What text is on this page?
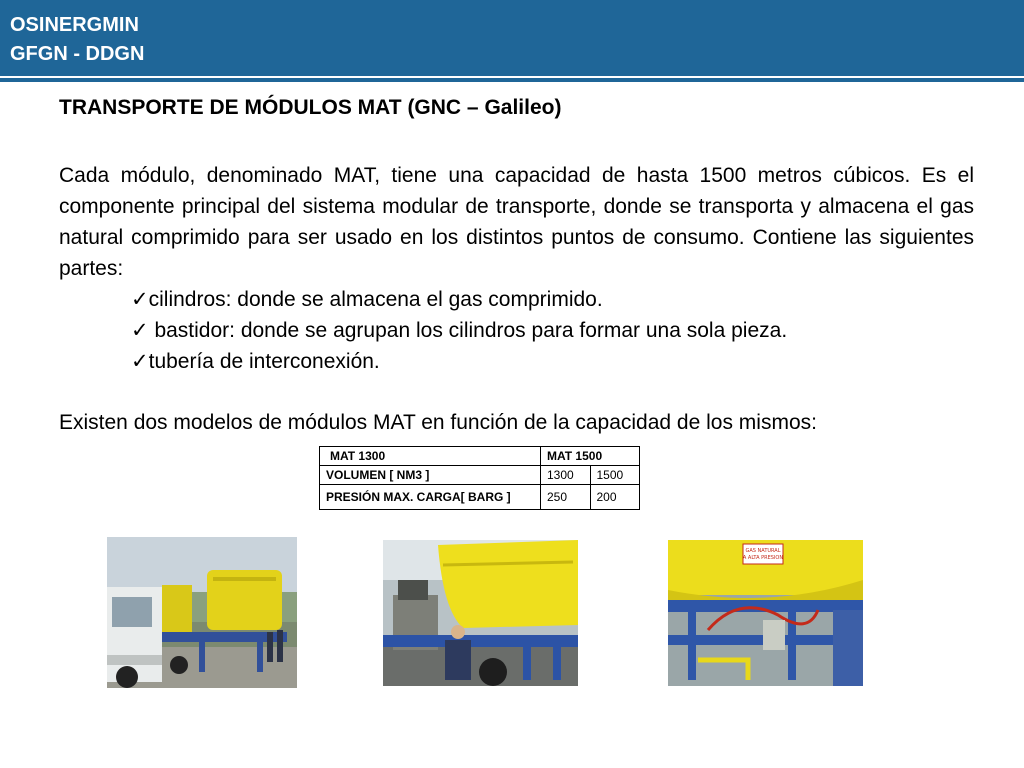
OSINERGMIN
GFGN - DDGN
TRANSPORTE DE MÓDULOS MAT (GNC – Galileo)
Cada módulo, denominado MAT, tiene una capacidad de hasta 1500 metros cúbicos. Es el componente principal del sistema modular de transporte, donde se transporta y almacena el gas natural comprimido para ser usado en los distintos puntos de consumo. Contiene las siguientes partes:
✓cilindros: donde se almacena el gas comprimido.
✓ bastidor: donde se agrupan los cilindros para formar una sola pieza.
✓tubería de interconexión.
Existen dos modelos de módulos MAT en función de la capacidad de los mismos:
MAT 1300	MAT 1500	
VOLUMEN [ NM3 ]	1300	1500
PRESIÓN MAX. CARGA[ BARG ]	250	200
GAS NATURAL
A ALTA PRESION
